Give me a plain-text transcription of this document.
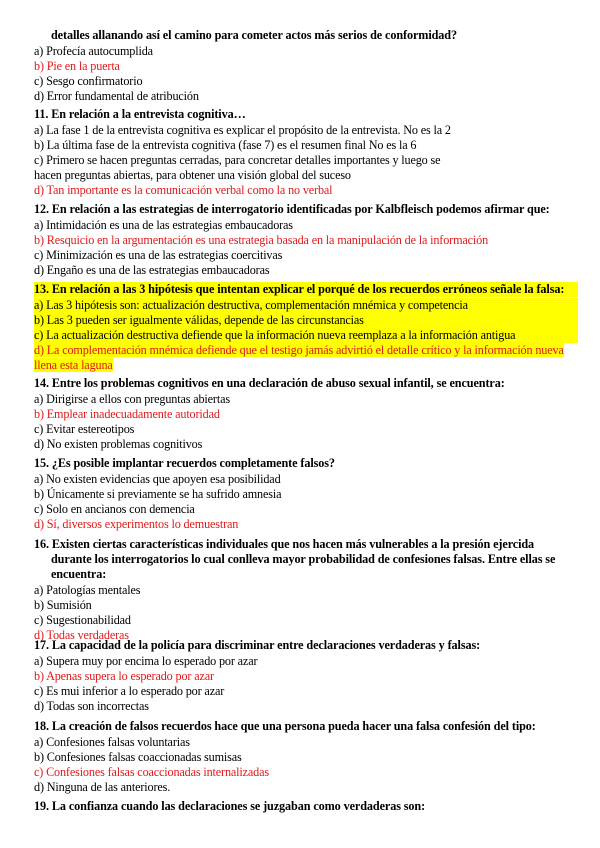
detalles allanando así el camino para cometer actos más serios de conformidad?

a) Profecía autocumplida

b) Pie en la puerta

c) Sesgo confirmatorio

d) Error fundamental de atribución

11. En relación a la entrevista cognitiva…

a) La fase 1 de la entrevista cognitiva es explicar el propósito de la entrevista. No es la 2

b) La última fase de la entrevista cognitiva (fase 7) es el resumen final No es la 6

c) Primero se hacen preguntas cerradas, para concretar detalles importantes y luego se

hacen preguntas abiertas, para obtener una visión global del suceso

d) Tan importante es la comunicación verbal como la no verbal

12. En relación a las estrategias de interrogatorio identificadas por Kalbfleisch podemos afirmar que:

a) Intimidación es una de las estrategias embaucadoras

b) Resquicio en la argumentación es una estrategia basada en la manipulación de la información

c) Minimización es una de las estrategias coercitivas

d) Engaño es una de las estrategias embaucadoras

13. En relación a las 3 hipótesis que intentan explicar el porqué de los recuerdos erróneos señale la falsa:

a) Las 3 hipótesis son: actualización destructiva, complementación mnémica y competencia

b) Las 3 pueden ser igualmente válidas, depende de las circunstancias

c) La actualización destructiva defiende que la información nueva reemplaza a la información antigua

d) La complementación mnémica defiende que el testigo jamás advirtió el detalle crítico y la información nueva llena esta laguna

14. Entre los problemas cognitivos en una declaración de abuso sexual infantil, se encuentra:

a) Dirigirse a ellos con preguntas abiertas

b) Emplear inadecuadamente autoridad

c) Evitar estereotipos

d) No existen problemas cognitivos

15. ¿Es posible implantar recuerdos completamente falsos?

a) No existen evidencias que apoyen esa posibilidad

b) Únicamente si previamente se ha sufrido amnesia

c) Solo en ancianos con demencia

d) Sí, diversos experimentos lo demuestran

16. Existen ciertas características individuales que nos hacen más vulnerables a la presión ejercida

durante los interrogatorios lo cual conlleva mayor probabilidad de confesiones falsas. Entre ellas se

encuentra:

a) Patologías mentales

b) Sumisión

c) Sugestionabilidad

d) Todas verdaderas

17. La capacidad de la policía para discriminar entre declaraciones verdaderas y falsas:

a) Supera muy por encima lo esperado por azar

b) Apenas supera lo esperado por azar

c) Es mui inferior a lo esperado por azar

d) Todas son incorrectas

18. La creación de falsos recuerdos hace que una persona pueda hacer una falsa confesión del tipo:

a) Confesiones falsas voluntarias

b) Confesiones falsas coaccionadas sumisas

c) Confesiones falsas coaccionadas internalizadas

d) Ninguna de las anteriores.

19. La confianza cuando las declaraciones se juzgaban como verdaderas son:
